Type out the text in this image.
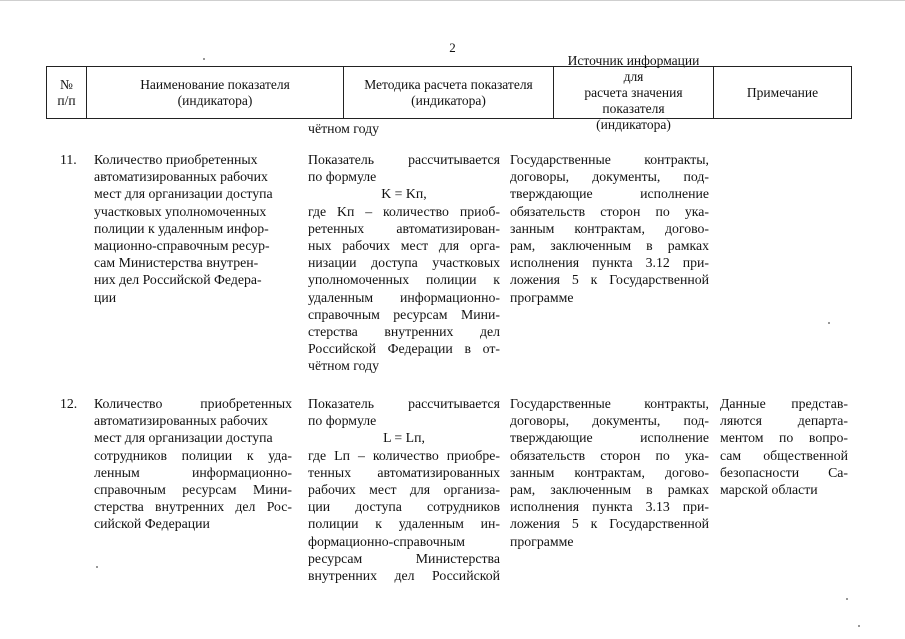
2
№
п/п
Наименование показателя
(индикатора)
Методика расчета показателя
(индикатора)
Источник информации для
расчета значения показателя
(индикатора)
Примечание
чётном году
11. Количество приобретенных
автоматизированных рабочих
мест для организации доступа
участковых уполномоченных
полиции к удаленным инфор-
мационно-справочным ресур-
сам Министерства внутрен-
них дел Российской Федера-
ции
Показатель рассчитывается
по формуле
K = Kп,
где Kп – количество приоб-
ретенных автоматизирован-
ных рабочих мест для орга-
низации доступа участковых
уполномоченных полиции к
удаленным информационно-
справочным ресурсам Мини-
стерства внутренних дел
Российской Федерации в от-
чётном году
Государственные контракты,
договоры, документы, под-
тверждающие исполнение
обязательств сторон по ука-
занным контрактам, догово-
рам, заключенным в рамках
исполнения пункта 3.12 при-
ложения 5 к Государственной
программе
12. Количество приобретенных
автоматизированных рабочих
мест для организации доступа
сотрудников полиции к уда-
ленным информационно-
справочным ресурсам Мини-
стерства внутренних дел Рос-
сийской Федерации
Показатель рассчитывается
по формуле
L = Lп,
где Lп – количество приобре-
тенных автоматизированных
рабочих мест для организа-
ции доступа сотрудников
полиции к удаленным ин-
формационно-справочным
ресурсам Министерства
внутренних дел Российской
Государственные контракты,
договоры, документы, под-
тверждающие исполнение
обязательств сторон по ука-
занным контрактам, догово-
рам, заключенным в рамках
исполнения пункта 3.13 при-
ложения 5 к Государственной
программе
Данные представ-
ляются департа-
ментом по вопро-
сам общественной
безопасности Са-
марской области
